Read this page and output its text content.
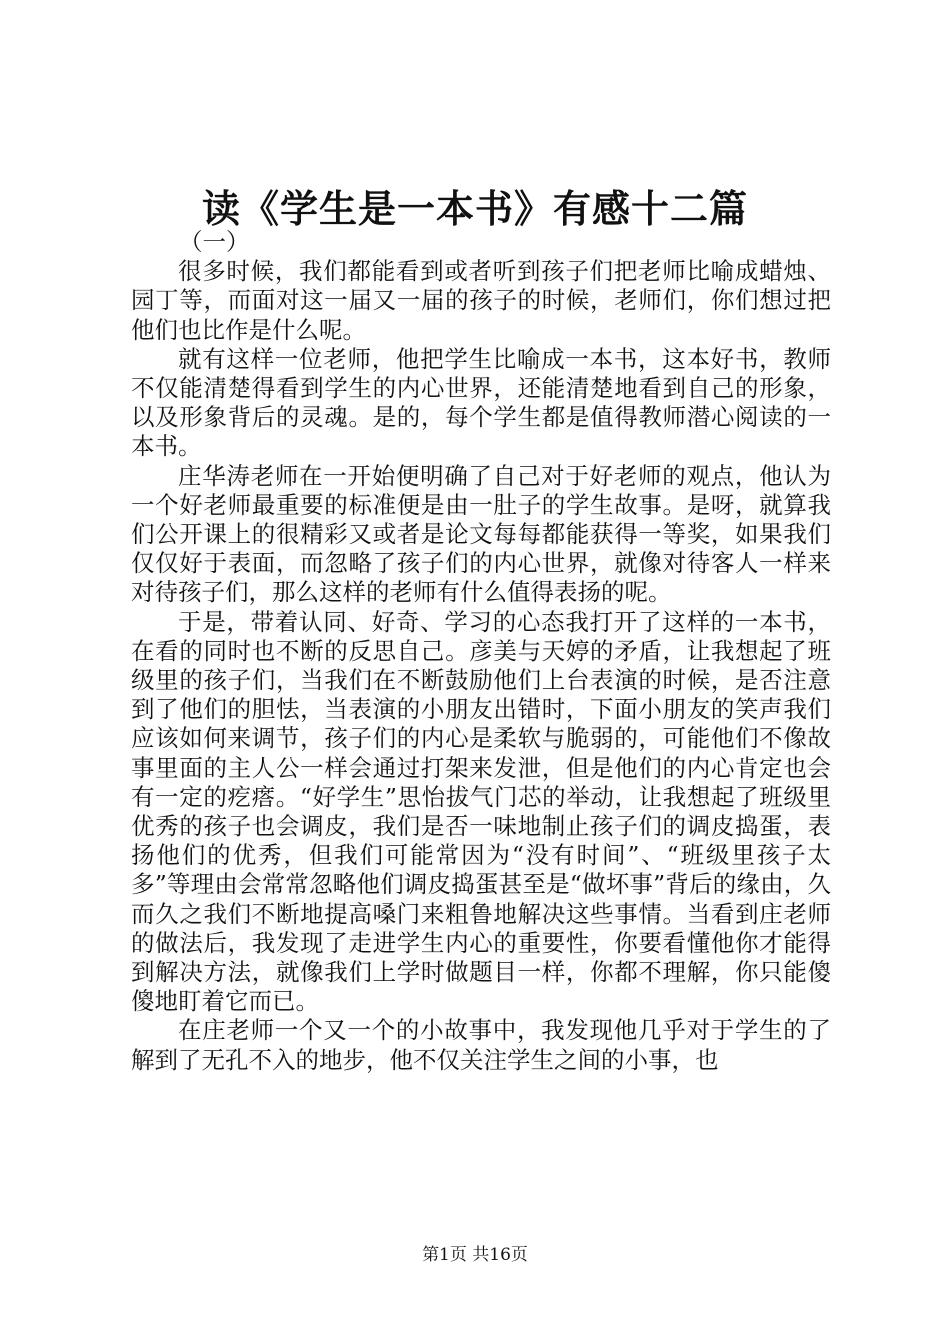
读《学生是一本书》有感十二篇

（一）

很多时候，我们都能看到或者听到孩子们把老师比喻成蜡烛、园丁等，而面对这一届又一届的孩子的时候，老师们，你们想过把他们也比作是什么呢。

就有这样一位老师，他把学生比喻成一本书，这本好书，教师不仅能清楚得看到学生的内心世界，还能清楚地看到自己的形象，以及形象背后的灵魂。是的，每个学生都是值得教师潜心阅读的一本书。

庄华涛老师在一开始便明确了自己对于好老师的观点，他认为一个好老师最重要的标准便是由一肚子的学生故事。是呀，就算我们公开课上的很精彩又或者是论文每每都能获得一等奖，如果我们仅仅好于表面，而忽略了孩子们的内心世界，就像对待客人一样来对待孩子们，那么这样的老师有什么值得表扬的呢。

于是，带着认同、好奇、学习的心态我打开了这样的一本书，在看的同时也不断的反思自己。彦美与天婷的矛盾，让我想起了班级里的孩子们，当我们在不断鼓励他们上台表演的时候，是否注意到了他们的胆怯，当表演的小朋友出错时，下面小朋友的笑声我们应该如何来调节，孩子们的内心是柔软与脆弱的，可能他们不像故事里面的主人公一样会通过打架来发泄，但是他们的内心肯定也会有一定的疙瘩。“好学生”思怡拔气门芯的举动，让我想起了班级里优秀的孩子也会调皮，我们是否一味地制止孩子们的调皮捣蛋，表扬他们的优秀，但我们可能常因为“没有时间”、“班级里孩子太多”等理由会常常忽略他们调皮捣蛋甚至是“做坏事”背后的缘由，久而久之我们不断地提高嗓门来粗鲁地解决这些事情。当看到庄老师的做法后，我发现了走进学生内心的重要性，你要看懂他你才能得到解决方法，就像我们上学时做题目一样，你都不理解，你只能傻傻地盯着它而已。

在庄老师一个又一个的小故事中，我发现他几乎对于学生的了解到了无孔不入的地步，他不仅关注学生之间的小事，也

第1页 共16页
